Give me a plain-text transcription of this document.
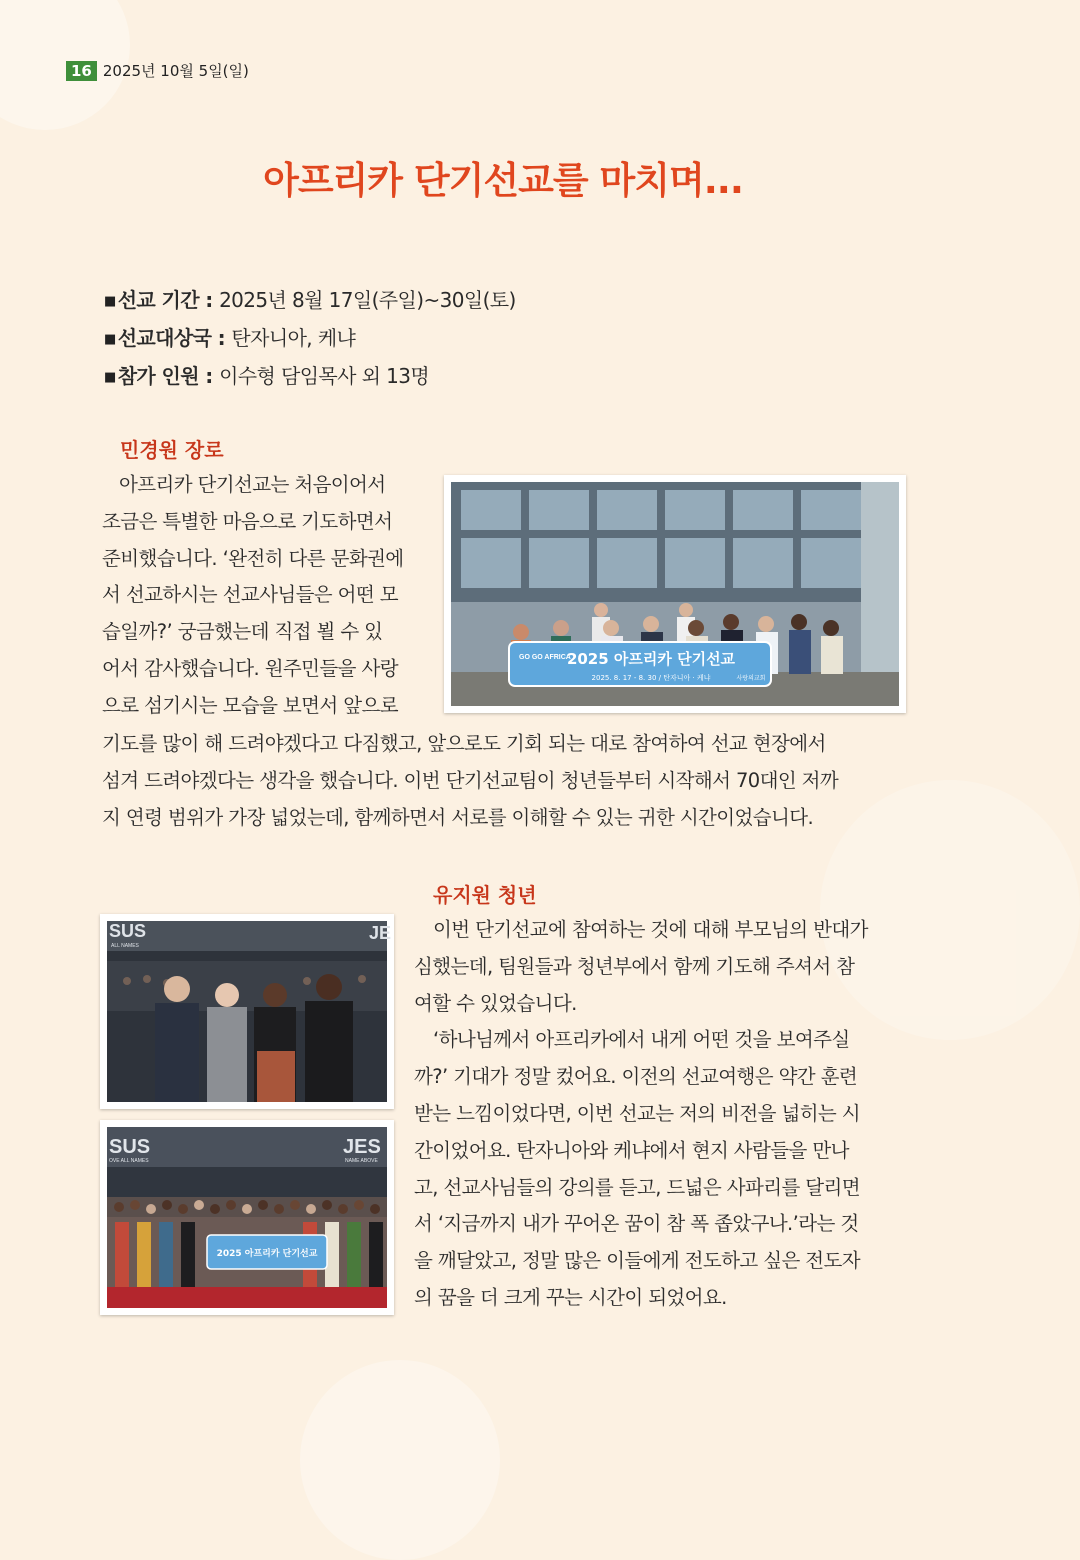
16 2025년 10월 5일(일)
아프리카 단기선교를 마치며...
■ 선교 기간 : 2025년 8월 17일(주일)~30일(토)
■ 선교대상국 : 탄자니아, 케냐
■ 참가 인원 : 이수형 담임목사 외 13명
민경원 장로

아프리카 단기선교는 처음이어서

조금은 특별한 마음으로 기도하면서

준비했습니다. ‘완전히 다른 문화권에

서 선교하시는 선교사님들은 어떤 모

습일까?’ 궁금했는데 직접 뵐 수 있

어서 감사했습니다. 원주민들을 사랑

으로 섬기시는 모습을 보면서 앞으로

기도를 많이 해 드려야겠다고 다짐했고, 앞으로도 기회 되는 대로 참여하여 선교 현장에서

섬겨 드려야겠다는 생각을 했습니다. 이번 단기선교팀이 청년들부터 시작해서 70대인 저까

지 연령 범위가 가장 넓었는데, 함께하면서 서로를 이해할 수 있는 귀한 시간이었습니다.

GO GO AFRICA
2025 아프리카 단기선교
2025. 8. 17 - 8. 30 / 탄자니아 · 케냐	사랑의교회
유지원 청년

이번 단기선교에 참여하는 것에 대해 부모님의 반대가

심했는데, 팀원들과 청년부에서 함께 기도해 주셔서 참

여할 수 있었습니다.

‘하나님께서 아프리카에서 내게 어떤 것을 보여주실

까?’ 기대가 정말 컸어요. 이전의 선교여행은 약간 훈련

받는 느낌이었다면, 이번 선교는 저의 비전을 넓히는 시

간이었어요. 탄자니아와 케냐에서 현지 사람들을 만나

고, 선교사님들의 강의를 듣고, 드넓은 사파리를 달리면

서 ‘지금까지 내가 꾸어온 꿈이 참 폭 좁았구나.’라는 것

을 깨달았고, 정말 많은 이들에게 전도하고 싶은 전도자

의 꿈을 더 크게 꾸는 시간이 되었어요.

SUS
ALL NAMES
JE
SUS
OVE ALL NAMES
JES
NAME ABOVE
2025 아프리카 단기선교
